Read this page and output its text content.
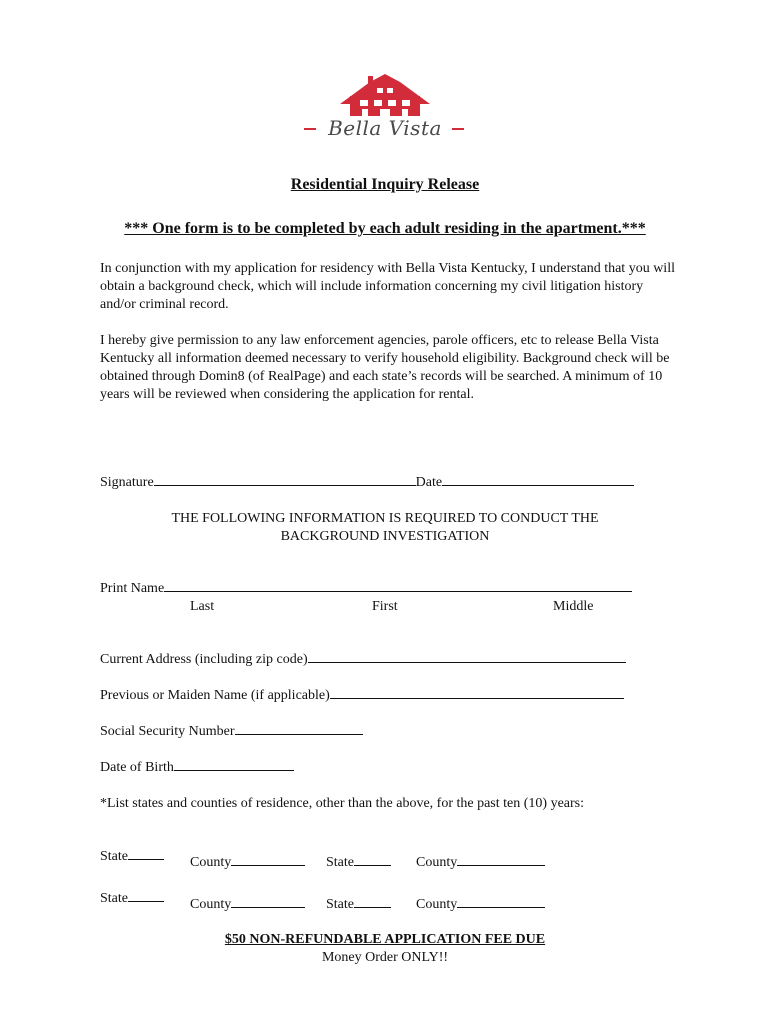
Bella Vista
Residential Inquiry Release
*** One form is to be completed by each adult residing in the apartment.***
In conjunction with my application for residency with Bella Vista Kentucky, I understand that you will obtain a background check, which will include information concerning my civil litigation history and/or criminal record.
I hereby give permission to any law enforcement agencies, parole officers, etc to release Bella Vista Kentucky all information deemed necessary to verify household eligibility. Background check will be obtained through Domin8 (of RealPage) and each state’s records will be searched. A minimum of 10 years will be reviewed when considering the application for rental.
Signature	Date
THE FOLLOWING INFORMATION IS REQUIRED TO CONDUCT THE
BACKGROUND INVESTIGATION
Print Name
Last	First	Middle
Current Address (including zip code)
Previous or Maiden Name (if applicable)
Social Security Number
Date of Birth
*List states and counties of residence, other than the above, for the past ten (10) years:
State	County	State	County
State	County	State	County
$50 NON-REFUNDABLE APPLICATION FEE DUE
Money Order ONLY!!
